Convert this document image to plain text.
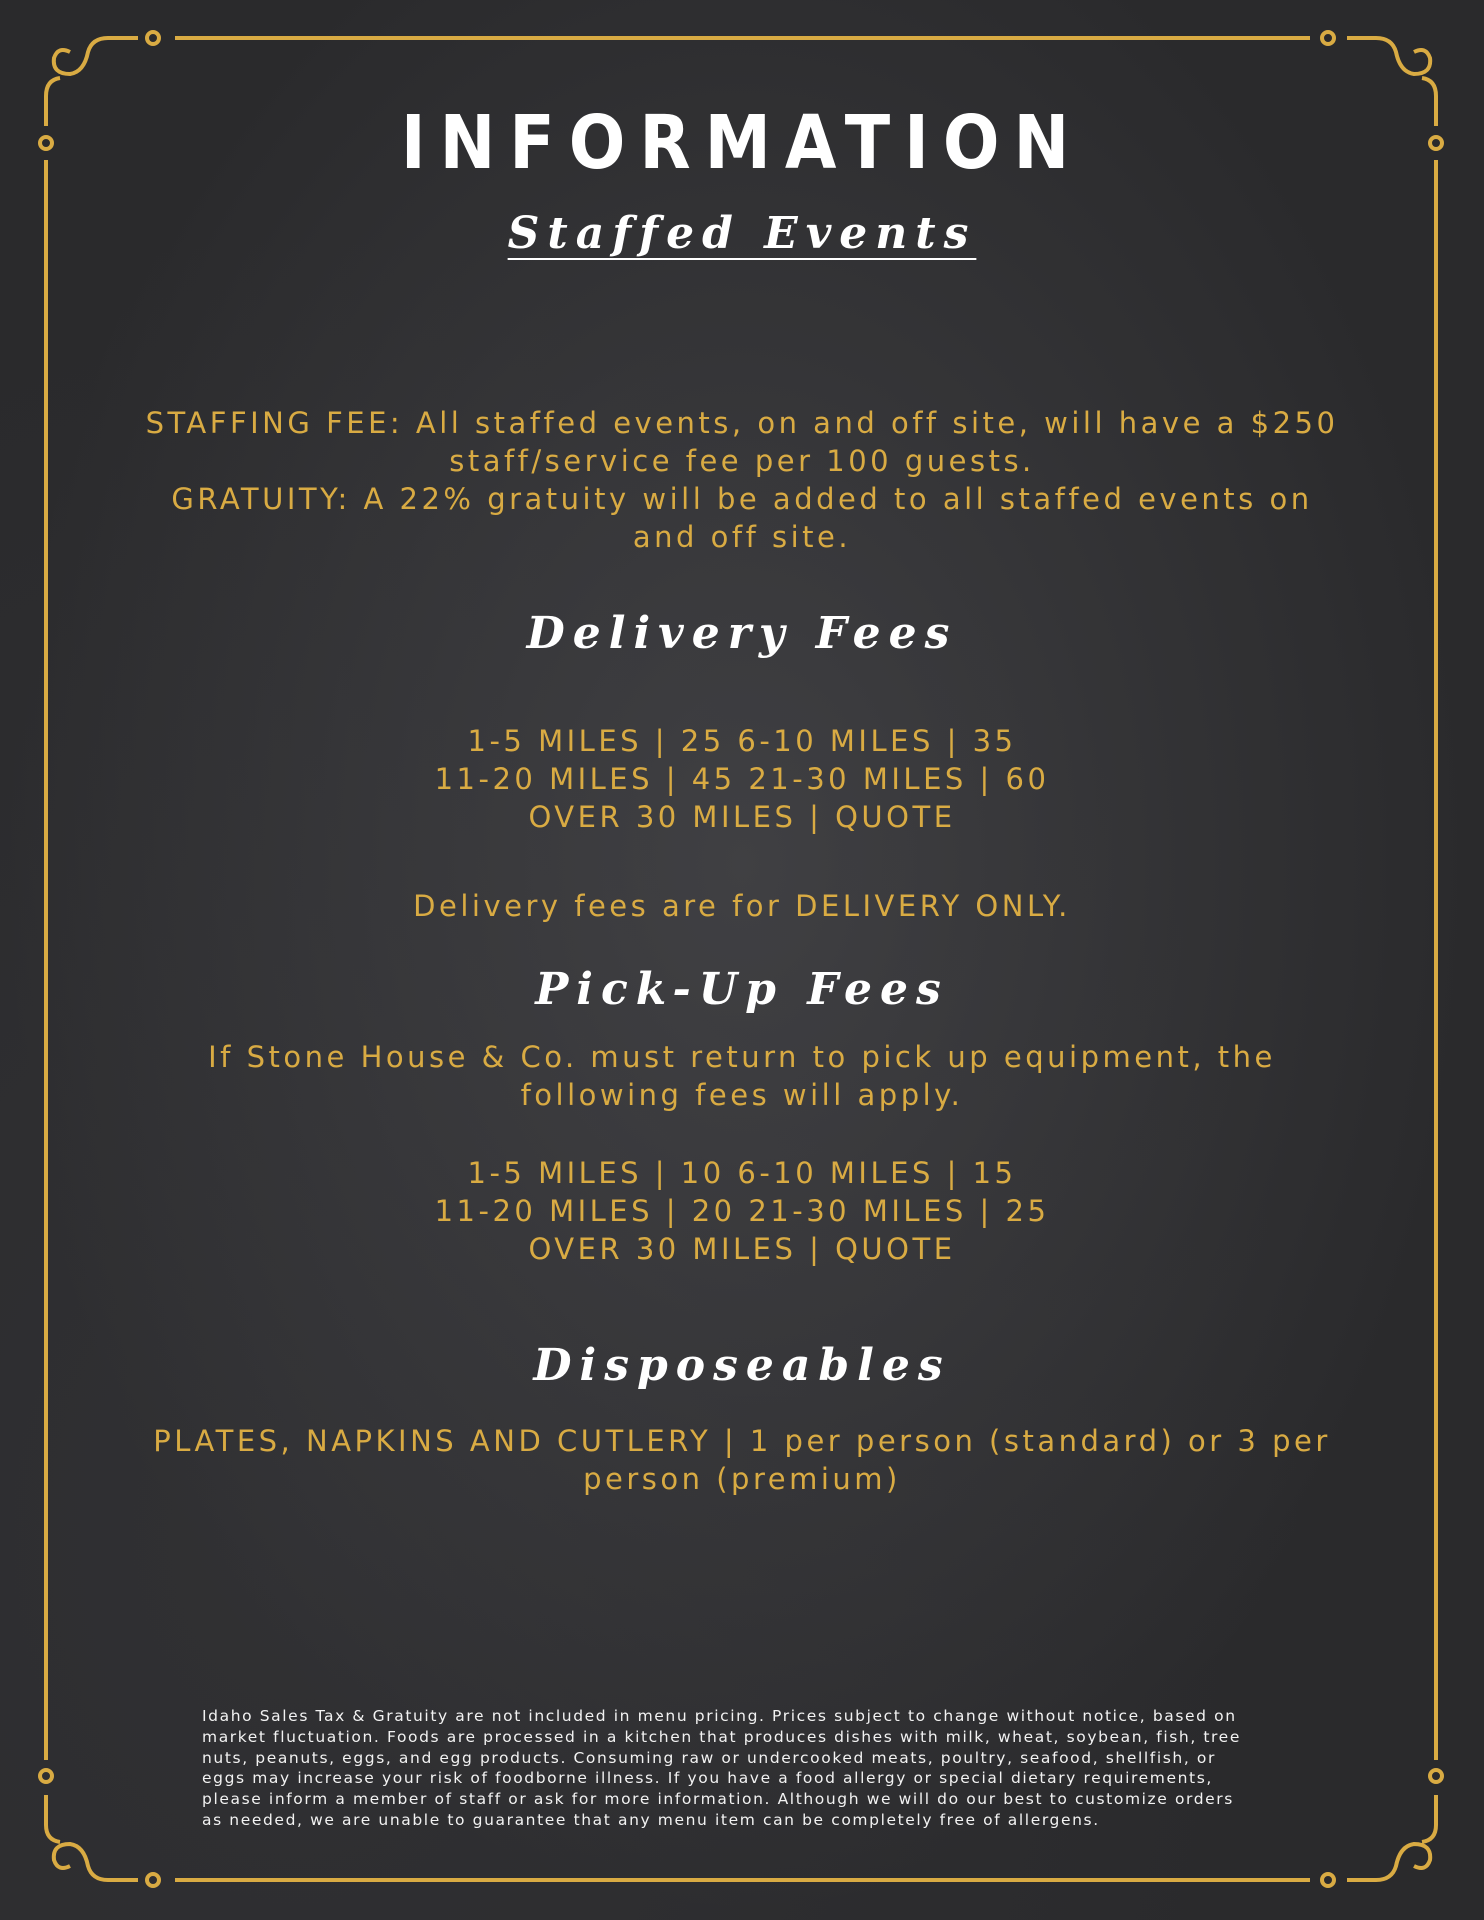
INFORMATION
Staffed Events
STAFFING FEE: All staffed events, on and off site, will have a $250
staff/service fee per 100 guests.
GRATUITY: A 22% gratuity will be added to all staffed events on
and off site.
Delivery Fees
1-5 MILES | 25 6-10 MILES | 35
11-20 MILES | 45 21-30 MILES | 60
OVER 30 MILES | QUOTE
Delivery fees are for DELIVERY ONLY.
Pick-Up Fees
If Stone House & Co. must return to pick up equipment, the
following fees will apply.
1-5 MILES | 10 6-10 MILES | 15
11-20 MILES | 20 21-30 MILES | 25
OVER 30 MILES | QUOTE
Disposeables
PLATES, NAPKINS AND CUTLERY | 1 per person (standard) or 3 per
person (premium)
Idaho Sales Tax & Gratuity are not included in menu pricing. Prices subject to change without notice, based on
market fluctuation. Foods are processed in a kitchen that produces dishes with milk, wheat, soybean, fish, tree
nuts, peanuts, eggs, and egg products. Consuming raw or undercooked meats, poultry, seafood, shellfish, or
eggs may increase your risk of foodborne illness. If you have a food allergy or special dietary requirements,
please inform a member of staff or ask for more information. Although we will do our best to customize orders
as needed, we are unable to guarantee that any menu item can be completely free of allergens.
